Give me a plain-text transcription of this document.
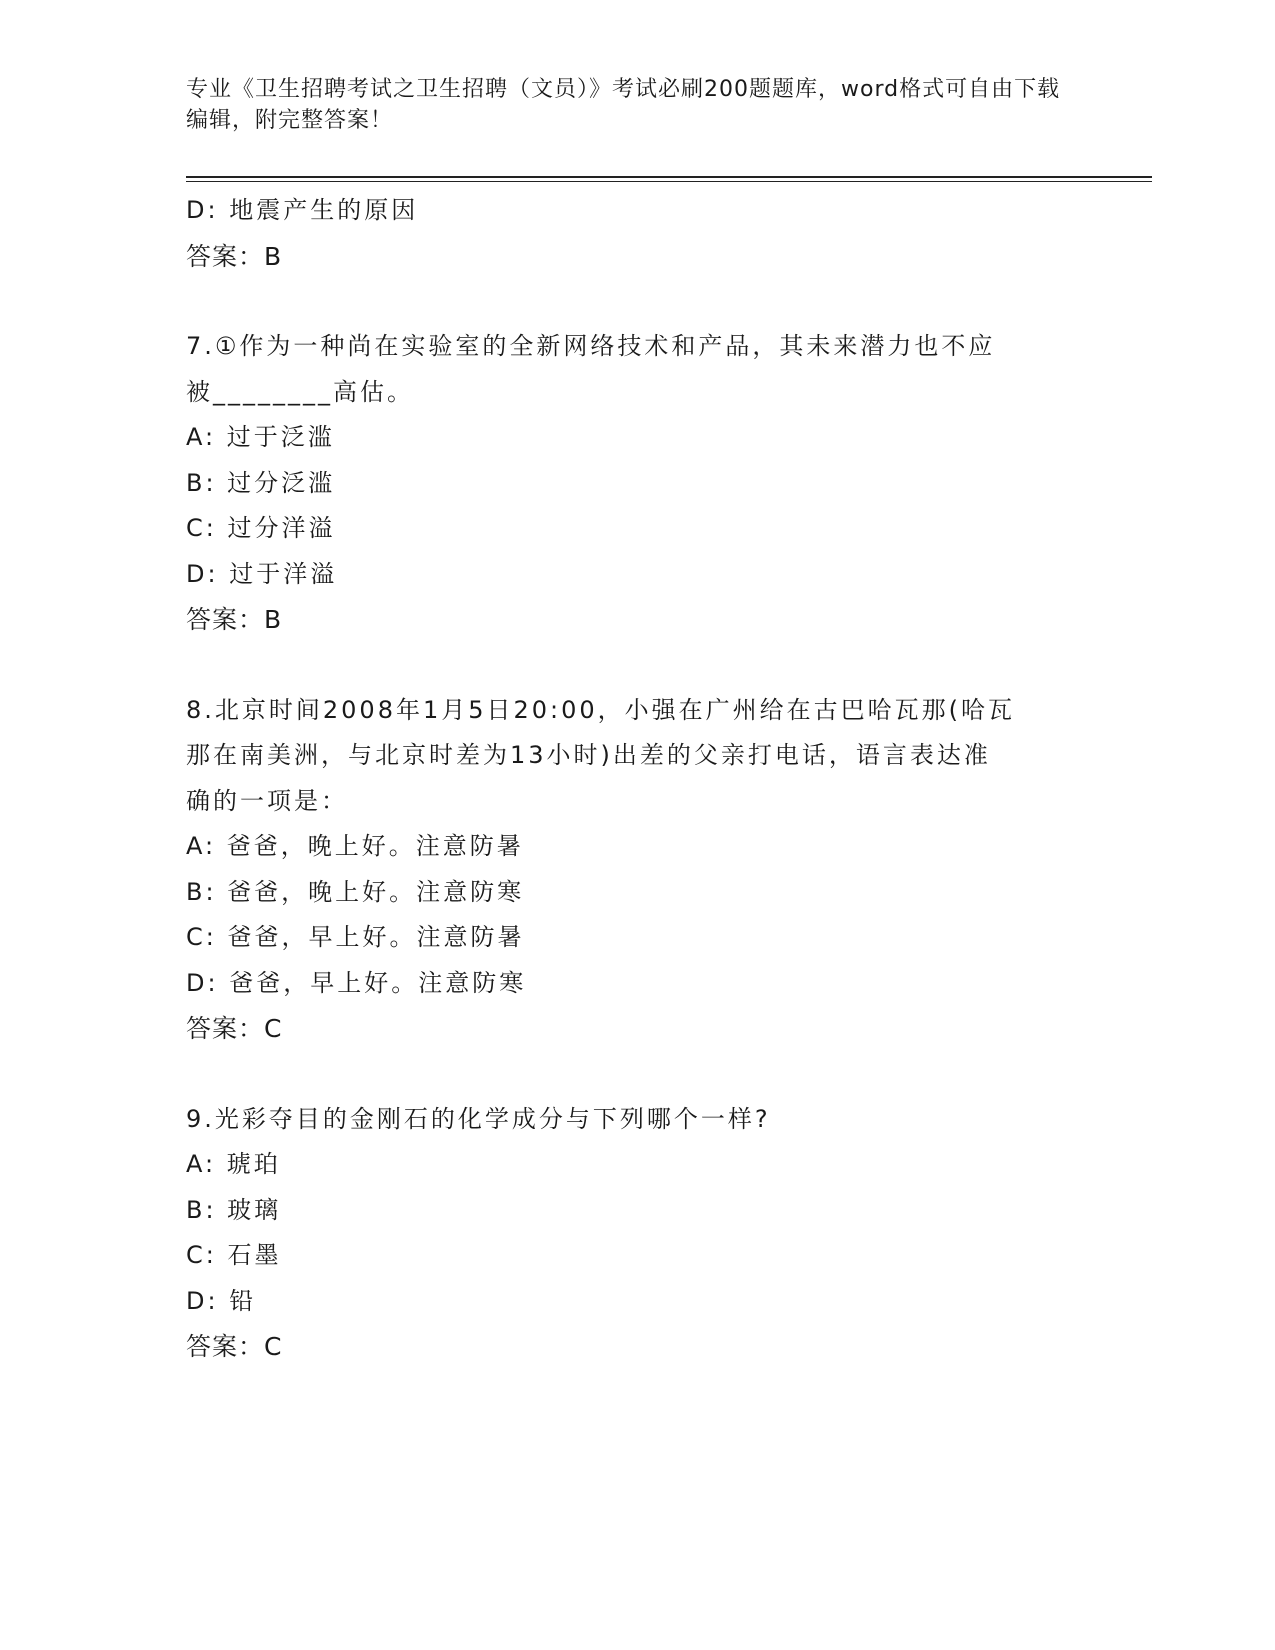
专业《卫生招聘考试之卫生招聘（文员）》考试必刷200题题库，word格式可自由下载编辑，附完整答案！
D: 地震产生的原因
答案：B
7.①作为一种尚在实验室的全新网络技术和产品，其未来潜力也不应
被________高估。
A: 过于泛滥
B: 过分泛滥
C: 过分洋溢
D: 过于洋溢
答案：B
8.北京时间2008年1月5日20:00，小强在广州给在古巴哈瓦那(哈瓦
那在南美洲，与北京时差为13小时)出差的父亲打电话，语言表达准
确的一项是：
A: 爸爸，晚上好。注意防暑
B: 爸爸，晚上好。注意防寒
C: 爸爸，早上好。注意防暑
D: 爸爸，早上好。注意防寒
答案：C
9.光彩夺目的金刚石的化学成分与下列哪个一样?
A: 琥珀
B: 玻璃
C: 石墨
D: 铅
答案：C
